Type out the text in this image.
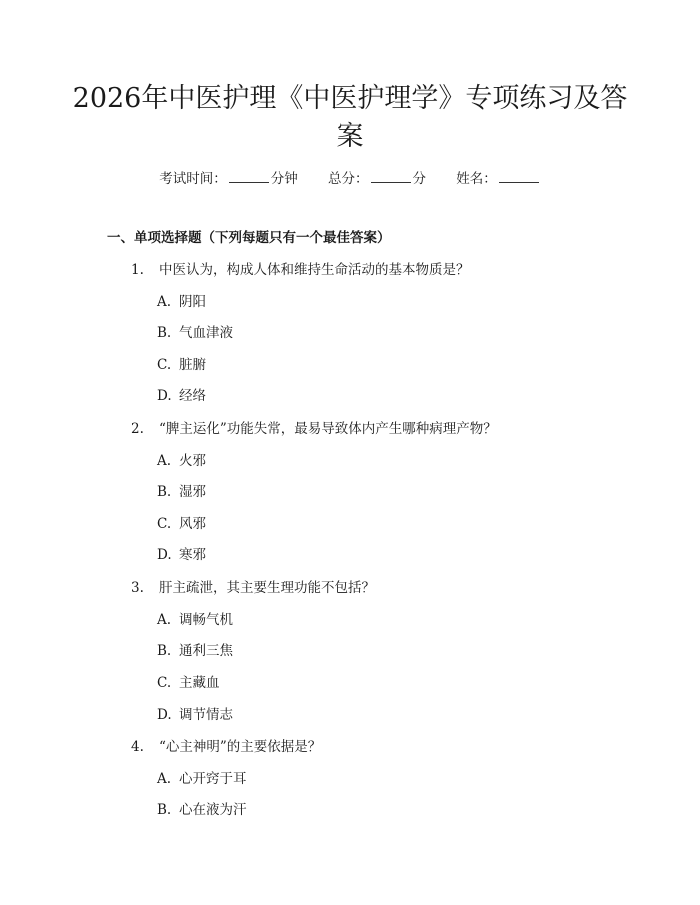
2026年中医护理《中医护理学》专项练习及答案
考试时间：	分钟 总分：	分 姓名：
一、单项选择题（下列每题只有一个最佳答案）
1. 中医认为，构成人体和维持生命活动的基本物质是？
A. 阴阳
B. 气血津液
C. 脏腑
D. 经络
2. “脾主运化”功能失常，最易导致体内产生哪种病理产物？
A. 火邪
B. 湿邪
C. 风邪
D. 寒邪
3. 肝主疏泄，其主要生理功能不包括？
A. 调畅气机
B. 通利三焦
C. 主藏血
D. 调节情志
4. “心主神明”的主要依据是？
A. 心开窍于耳
B. 心在液为汗
